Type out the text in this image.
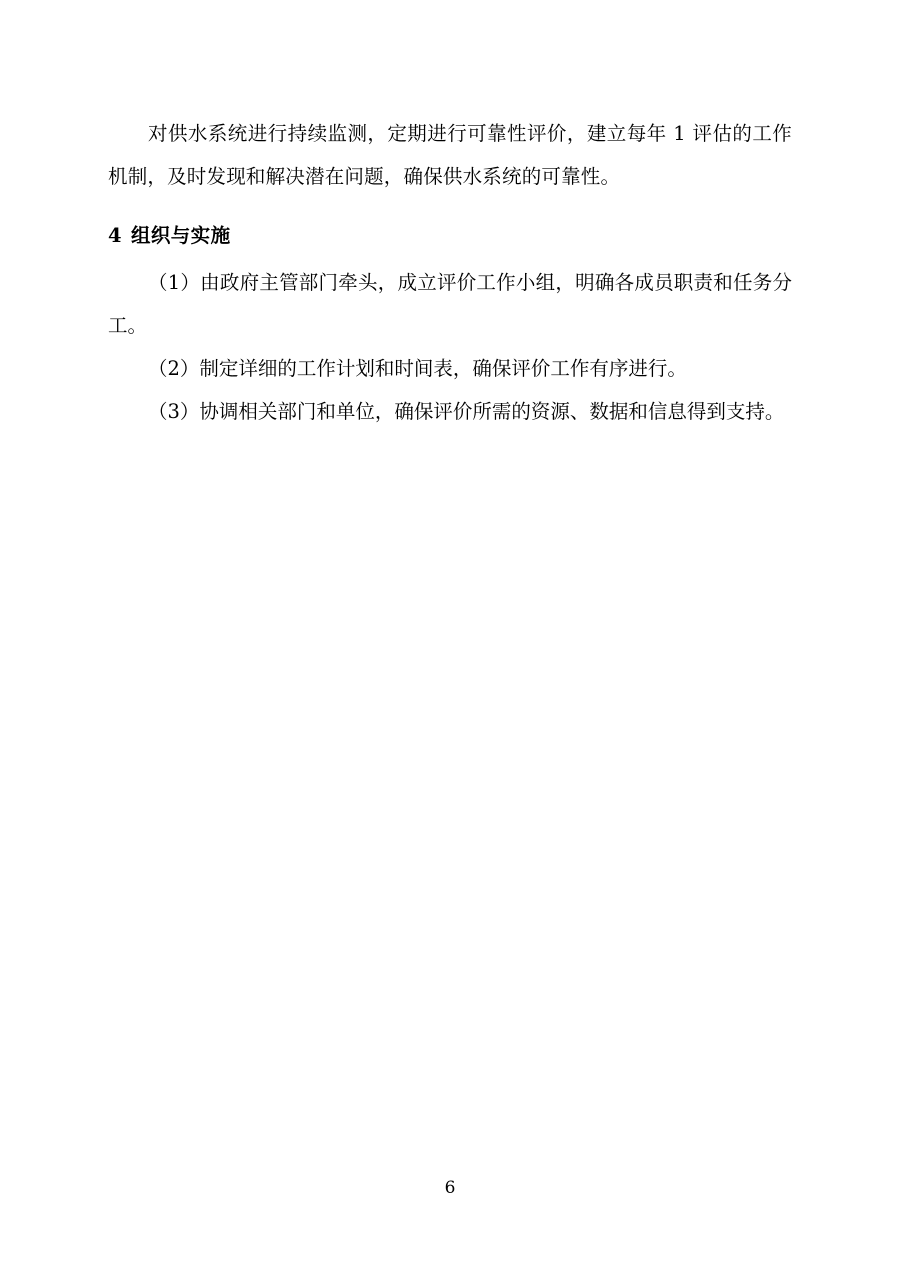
对供水系统进行持续监测，定期进行可靠性评价，建立每年 1 评估的工作机制，及时发现和解决潜在问题，确保供水系统的可靠性。

4 组织与实施

（1）由政府主管部门牵头，成立评价工作小组，明确各成员职责和任务分工。

（2）制定详细的工作计划和时间表，确保评价工作有序进行。

（3）协调相关部门和单位，确保评价所需的资源、数据和信息得到支持。

6
